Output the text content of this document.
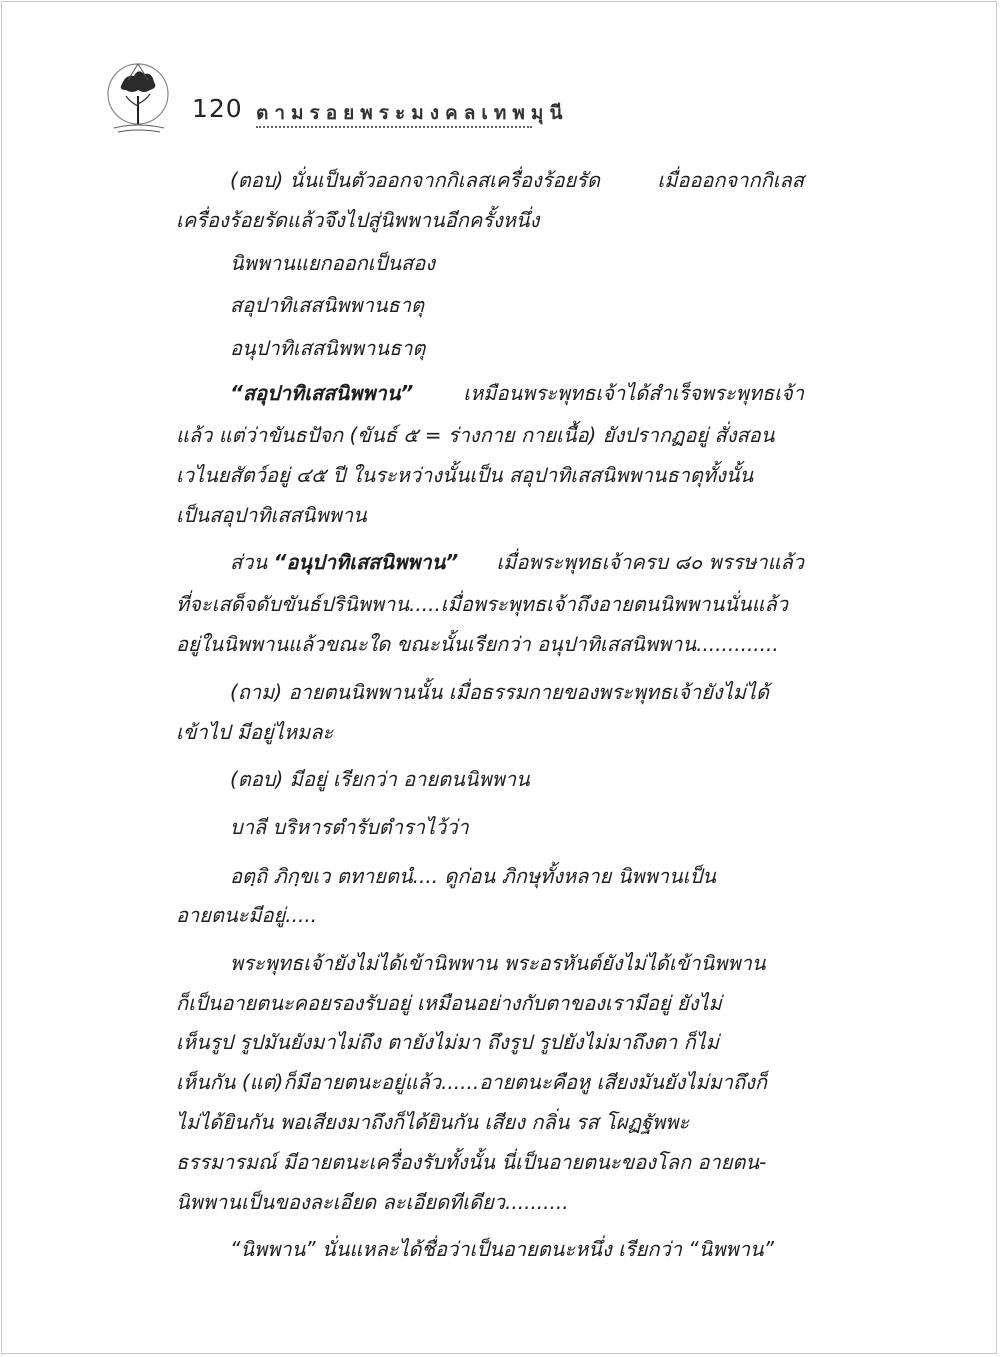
120 ตามรอยพระมงคลเทพมุนี
(ตอบ) นั่นเป็นตัวออกจากกิเลสเครื่องร้อยรัด	เมื่อออกจากกิเลส
เครื่องร้อยรัดแล้วจึงไปสู่นิพพานอีกครั้งหนึ่ง
นิพพานแยกออกเป็นสอง
สอุปาทิเสสนิพพานธาตุ
อนุปาทิเสสนิพพานธาตุ
“สอุปาทิเสสนิพพาน” เหมือนพระพุทธเจ้าได้สำเร็จพระพุทธเจ้า
แล้ว แต่ว่าขันธปัจก (ขันธ์ ๕ = ร่างกาย กายเนื้อ) ยังปรากฏอยู่ สั่งสอน
เวไนยสัตว์อยู่ ๔๕ ปี ในระหว่างนั้นเป็น สอุปาทิเสสนิพพานธาตุทั้งนั้น
เป็นสอุปาทิเสสนิพพาน
ส่วน “อนุปาทิเสสนิพพาน” เมื่อพระพุทธเจ้าครบ ๘๐ พรรษาแล้ว
ที่จะเสด็จดับขันธ์ปรินิพพาน.....เมื่อพระพุทธเจ้าถึงอายตนนิพพานนั่นแล้ว
อยู่ในนิพพานแล้วขณะใด ขณะนั้นเรียกว่า อนุปาทิเสสนิพพาน.............
(ถาม) อายตนนิพพานนั้น เมื่อธรรมกายของพระพุทธเจ้ายังไม่ได้
เข้าไป มีอยู่ไหมละ
(ตอบ) มีอยู่ เรียกว่า อายตนนิพพาน
บาลี บริหารตำรับตำราไว้ว่า
อตฺถิ ภิกฺขเว ตทายตนํ.... ดูก่อน ภิกษุทั้งหลาย นิพพานเป็น
อายตนะมีอยู่.....
พระพุทธเจ้ายังไม่ได้เข้านิพพาน พระอรหันต์ยังไม่ได้เข้านิพพาน
ก็เป็นอายตนะคอยรองรับอยู่ เหมือนอย่างกับตาของเรามีอยู่ ยังไม่
เห็นรูป รูปมันยังมาไม่ถึง ตายังไม่มา ถึงรูป รูปยังไม่มาถึงตา ก็ไม่
เห็นกัน (แต่)ก็มีอายตนะอยู่แล้ว......อายตนะคือหู เสียงมันยังไม่มาถึงก็
ไม่ได้ยินกัน พอเสียงมาถึงก็ได้ยินกัน เสียง กลิ่น รส โผฏฐัพพะ
ธรรมารมณ์ มีอายตนะเครื่องรับทั้งนั้น นี่เป็นอายตนะของโลก อายตน-
นิพพานเป็นของละเอียด ละเอียดทีเดียว..........
“นิพพาน” นั่นแหละได้ชื่อว่าเป็นอายตนะหนึ่ง เรียกว่า “นิพพาน”
